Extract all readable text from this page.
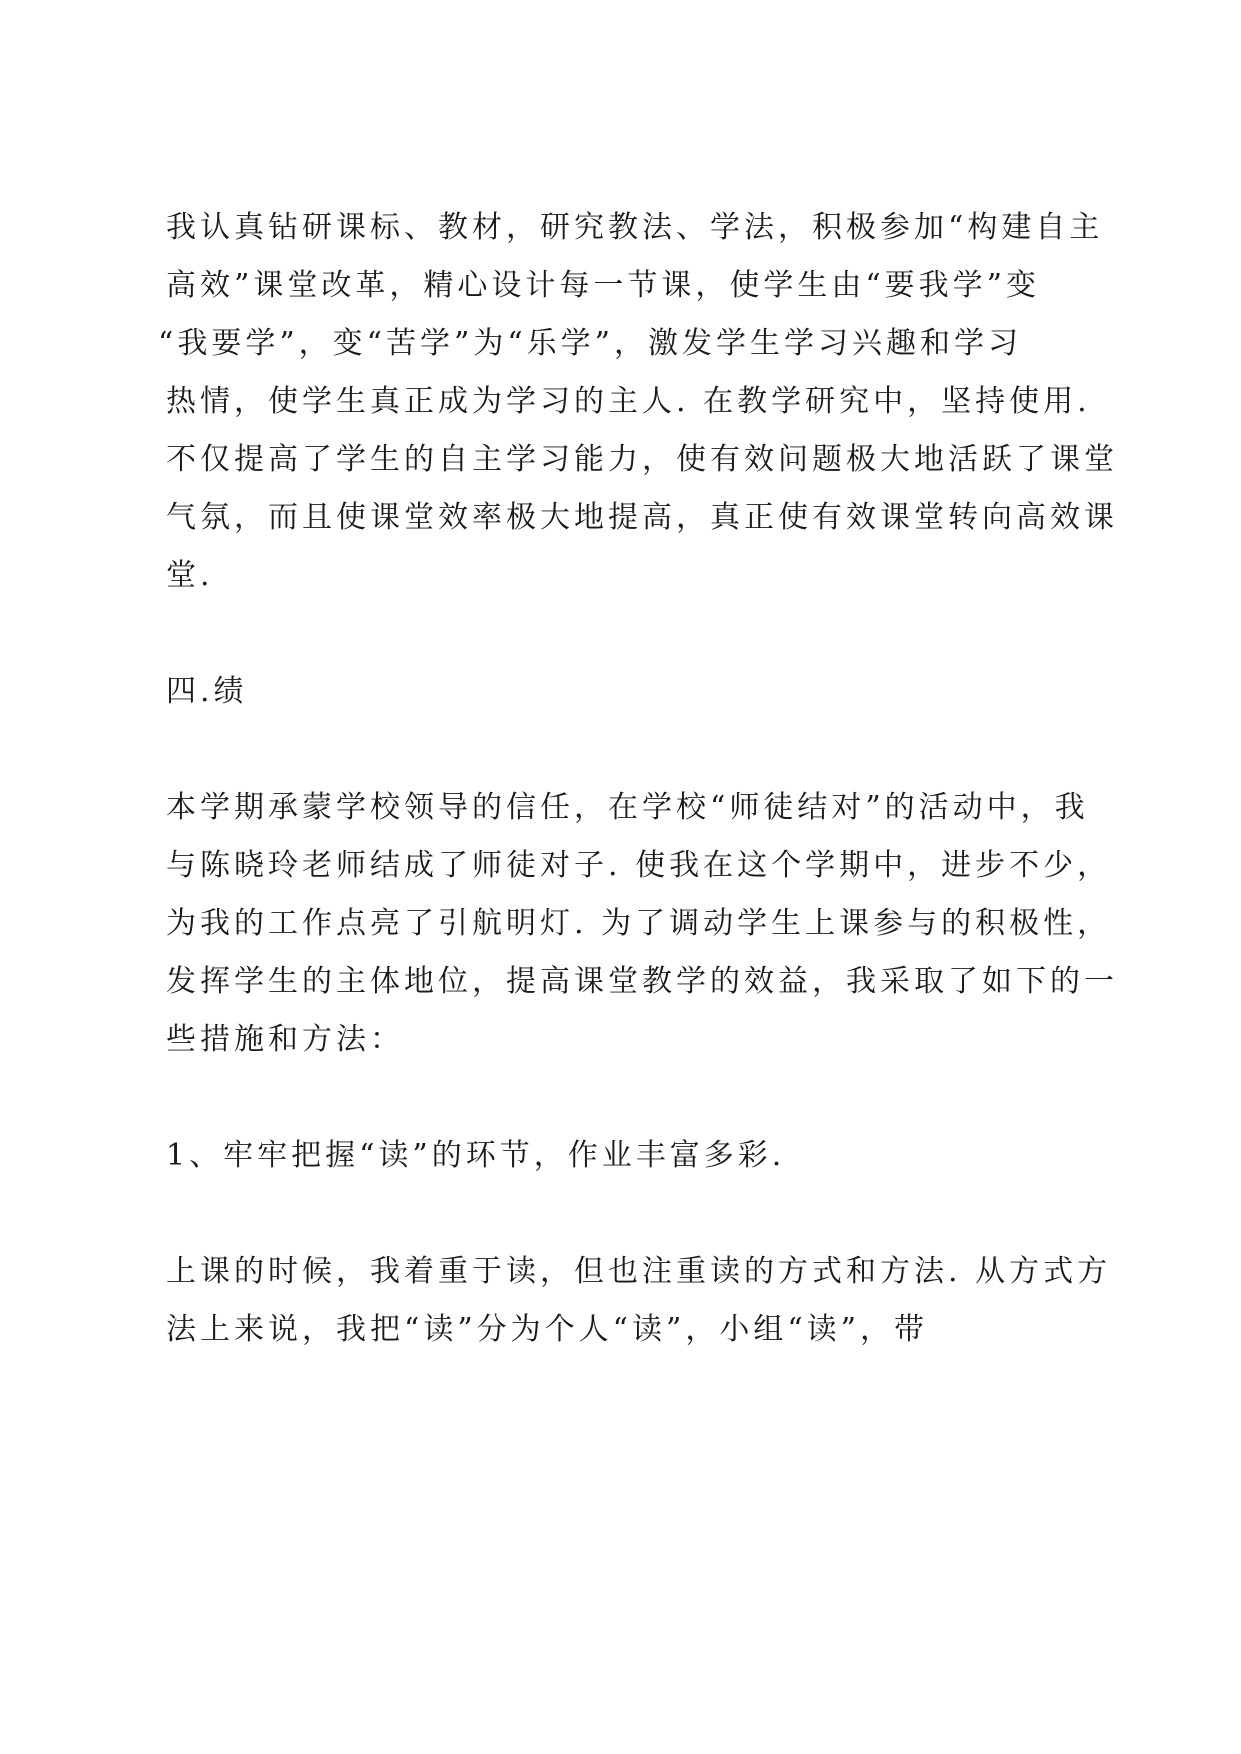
我认真钻研课标、教材，研究教法、学法，积极参加“构建自主
高效”课堂改革，精心设计每一节课，使学生由“要我学”变
“我要学”，变“苦学”为“乐学”，激发学生学习兴趣和学习
热情，使学生真正成为学习的主人. 在教学研究中，坚持使用.
不仅提高了学生的自主学习能力，使有效问题极大地活跃了课堂
气氛，而且使课堂效率极大地提高，真正使有效课堂转向高效课
堂.
四.绩
本学期承蒙学校领导的信任，在学校“师徒结对”的活动中，我
与陈晓玲老师结成了师徒对子. 使我在这个学期中，进步不少，
为我的工作点亮了引航明灯. 为了调动学生上课参与的积极性，
发挥学生的主体地位，提高课堂教学的效益，我采取了如下的一
些措施和方法：
1、牢牢把握“读”的环节，作业丰富多彩.
上课的时候，我着重于读，但也注重读的方式和方法. 从方式方
法上来说，我把“读”分为个人“读”，小组“读”，带
